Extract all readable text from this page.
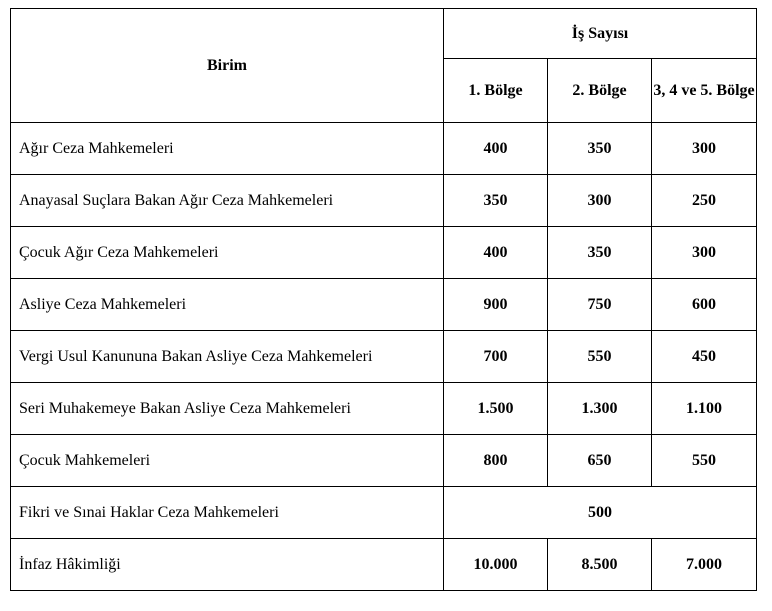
Birim	İş Sayısı		
	1. Bölge	2. Bölge	3, 4 ve 5. Bölge
Ağır Ceza Mahkemeleri	400	350	300
Anayasal Suçlara Bakan Ağır Ceza Mahkemeleri	350	300	250
Çocuk Ağır Ceza Mahkemeleri	400	350	300
Asliye Ceza Mahkemeleri	900	750	600
Vergi Usul Kanununa Bakan Asliye Ceza Mahkemeleri	700	550	450
Seri Muhakemeye Bakan Asliye Ceza Mahkemeleri	1.500	1.300	1.100
Çocuk Mahkemeleri	800	650	550
Fikri ve Sınai Haklar Ceza Mahkemeleri	500		
İnfaz Hâkimliği	10.000	8.500	7.000
